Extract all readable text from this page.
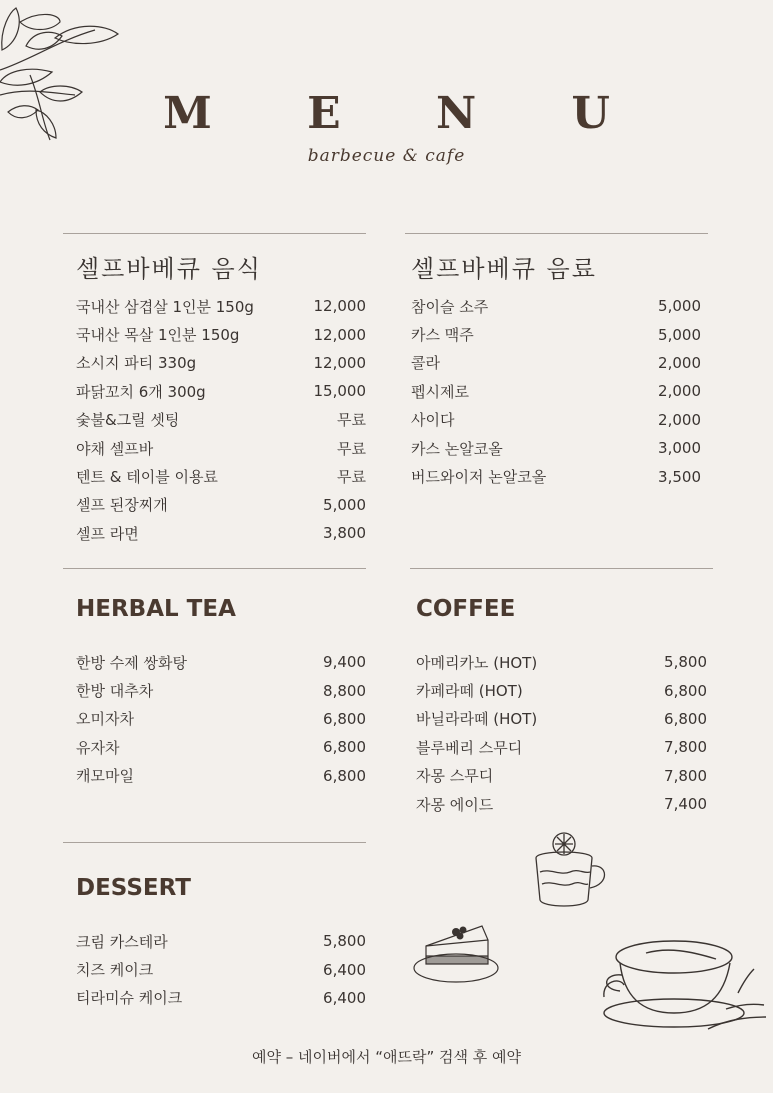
M E N U
barbecue & cafe
셀프바베큐 음식
국내산 삼겹살 1인분 150g	12,000
국내산 목살 1인분 150g	12,000
소시지 파티 330g	12,000
파닭꼬치 6개 300g	15,000
숯불&그릴 셋팅	무료
야채 셀프바	무료
텐트 & 테이블 이용료	무료
셀프 된장찌개	5,000
셀프 라면	3,800
셀프바베큐 음료
참이슬 소주	5,000
카스 맥주	5,000
콜라	2,000
펩시제로	2,000
사이다	2,000
카스 논알코올	3,000
버드와이저 논알코올	3,500
HERBAL TEA
한방 수제 쌍화탕	9,400
한방 대추차	8,800
오미자차	6,800
유자차	6,800
캐모마일	6,800
COFFEE
아메리카노 (HOT)	5,800
카페라떼 (HOT)	6,800
바닐라라떼 (HOT)	6,800
블루베리 스무디	7,800
자몽 스무디	7,800
자몽 에이드	7,400
DESSERT
크림 카스테라	5,800
치즈 케이크	6,400
티라미슈 케이크	6,400
예약 – 네이버에서 “애뜨락” 검색 후 예약
